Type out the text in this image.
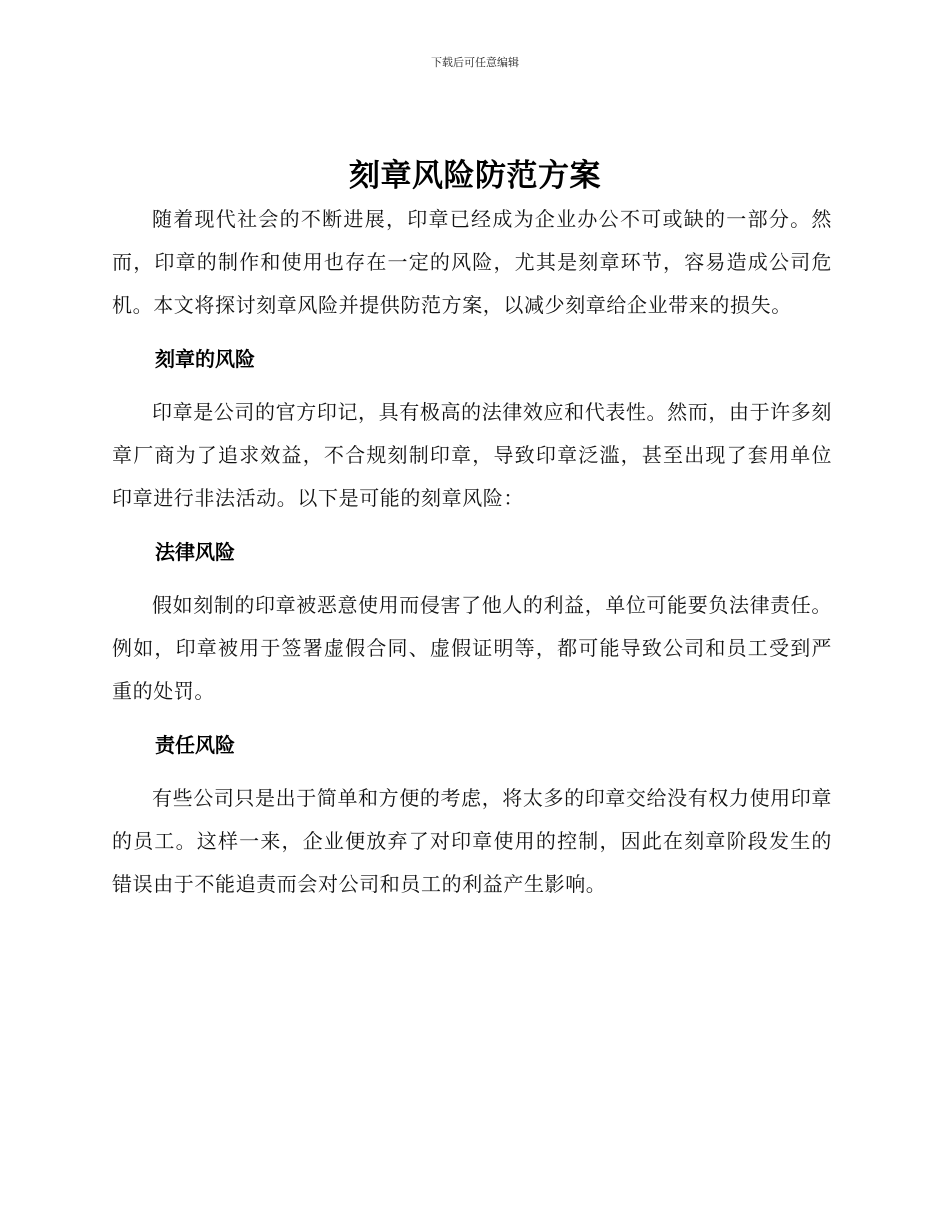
下载后可任意编辑
刻章风险防范方案

随着现代社会的不断进展，印章已经成为企业办公不可或缺的一部分。然而，印章的制作和使用也存在一定的风险，尤其是刻章环节，容易造成公司危机。本文将探讨刻章风险并提供防范方案，以减少刻章给企业带来的损失。

刻章的风险

印章是公司的官方印记，具有极高的法律效应和代表性。然而，由于许多刻章厂商为了追求效益，不合规刻制印章，导致印章泛滥，甚至出现了套用单位印章进行非法活动。以下是可能的刻章风险：

法律风险

假如刻制的印章被恶意使用而侵害了他人的利益，单位可能要负法律责任。例如，印章被用于签署虚假合同、虚假证明等，都可能导致公司和员工受到严重的处罚。

责任风险

有些公司只是出于简单和方便的考虑，将太多的印章交给没有权力使用印章的员工。这样一来，企业便放弃了对印章使用的控制，因此在刻章阶段发生的错误由于不能追责而会对公司和员工的利益产生影响。
